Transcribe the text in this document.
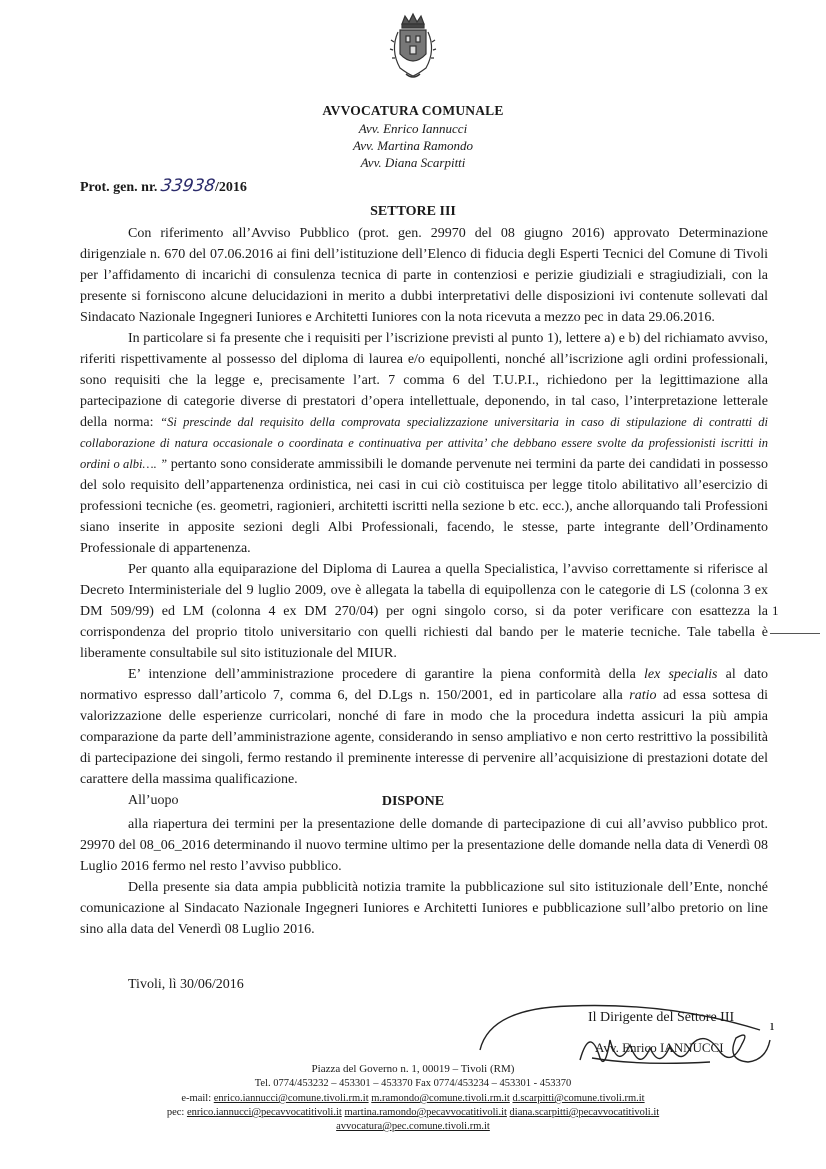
AVVOCATURA COMUNALE
Avv. Enrico Iannucci
Avv. Martina Ramondo
Avv. Diana Scarpitti
Prot. gen. nr. 33938/2016
SETTORE III

Con riferimento all’Avviso Pubblico (prot. gen. 29970 del 08 giugno 2016) approvato Determinazione dirigenziale n. 670 del 07.06.2016 ai fini dell’istituzione dell’Elenco di fiducia degli Esperti Tecnici del Comune di Tivoli per l’affidamento di incarichi di consulenza tecnica di parte in contenziosi e perizie giudiziali e stragiudiziali, con la presente si forniscono alcune delucidazioni in merito a dubbi interpretativi delle disposizioni ivi contenute sollevati dal Sindacato Nazionale Ingegneri Iuniores e Architetti Iuniores con la nota ricevuta a mezzo pec in data 29.06.2016.

In particolare si fa presente che i requisiti per l’iscrizione previsti al punto 1), lettere a) e b) del richiamato avviso, riferiti rispettivamente al possesso del diploma di laurea e/o equipollenti, nonché all’iscrizione agli ordini professionali, sono requisiti che la legge e, precisamente l’art. 7 comma 6 del T.U.P.I., richiedono per la legittimazione alla partecipazione di categorie diverse di prestatori d’opera intellettuale, deponendo, in tal caso, l’interpretazione letterale della norma: “Si prescinde dal requisito della comprovata specializzazione universitaria in caso di stipulazione di contratti di collaborazione di natura occasionale o coordinata e continuativa per attivita’ che debbano essere svolte da professionisti iscritti in ordini o albi…. ” pertanto sono considerate ammissibili le domande pervenute nei termini da parte dei candidati in possesso del solo requisito dell’appartenenza ordinistica, nei casi in cui ciò costituisca per legge titolo abilitativo all’esercizio di professioni tecniche (es. geometri, ragionieri, architetti iscritti nella sezione b etc. ecc.), anche allorquando tali Professioni siano inserite in apposite sezioni degli Albi Professionali, facendo, le stesse, parte integrante dell’Ordinamento Professionale di appartenenza.

Per quanto alla equiparazione del Diploma di Laurea a quella Specialistica, l’avviso correttamente si riferisce al Decreto Interministeriale del 9 luglio 2009, ove è allegata la tabella di equipollenza con le categorie di LS (colonna 3 ex DM 509/99) ed LM (colonna 4 ex DM 270/04) per ogni singolo corso, si da poter verificare con esattezza la corrispondenza del proprio titolo universitario con quelli richiesti dal bando per le materie tecniche. Tale tabella è liberamente consultabile sul sito istituzionale del MIUR.

E’ intenzione dell’amministrazione procedere di garantire la piena conformità della lex specialis al dato normativo espresso dall’articolo 7, comma 6, del D.Lgs n. 150/2001, ed in particolare alla ratio ad essa sottesa di valorizzazione delle esperienze curricolari, nonché di fare in modo che la procedura indetta assicuri la più ampia comparazione da parte dell’amministrazione agente, considerando in senso ampliativo e non certo restrittivo la possibilità di partecipazione dei singoli, fermo restando il preminente interesse di pervenire all’acquisizione di prestazioni dotate del carattere della massima qualificazione.

All’uopo	DISPONE

alla riapertura dei termini per la presentazione delle domande di partecipazione di cui all’avviso pubblico prot. 29970 del 08_06_2016 determinando il nuovo termine ultimo per la presentazione delle domande nella data di Venerdì 08 Luglio 2016 fermo nel resto l’avviso pubblico.

Della presente sia data ampia pubblicità notizia tramite la pubblicazione sul sito istituzionale dell’Ente, nonché comunicazione al Sindacato Nazionale Ingegneri Iuniores e Architetti Iuniores e pubblicazione sull’albo pretorio on line sino alla data del Venerdì 08 Luglio 2016.

1
Tivoli, lì 30/06/2016
Il Dirigente del Settore III
Avv. Enrico IANNUCCI
ı
Piazza del Governo n. 1, 00019 – Tivoli (RM)
Tel. 0774/453232 – 453301 – 453370 Fax 0774/453234 – 453301 - 453370
e-mail: enrico.iannucci@comune.tivoli.rm.it m.ramondo@comune.tivoli.rm.it d.scarpitti@comune.tivoli.rm.it
pec: enrico.iannucci@pecavvocatitivoli.it martina.ramondo@pecavvocatitivoli.it diana.scarpitti@pecavvocatitivoli.it
avvocatura@pec.comune.tivoli.rm.it
